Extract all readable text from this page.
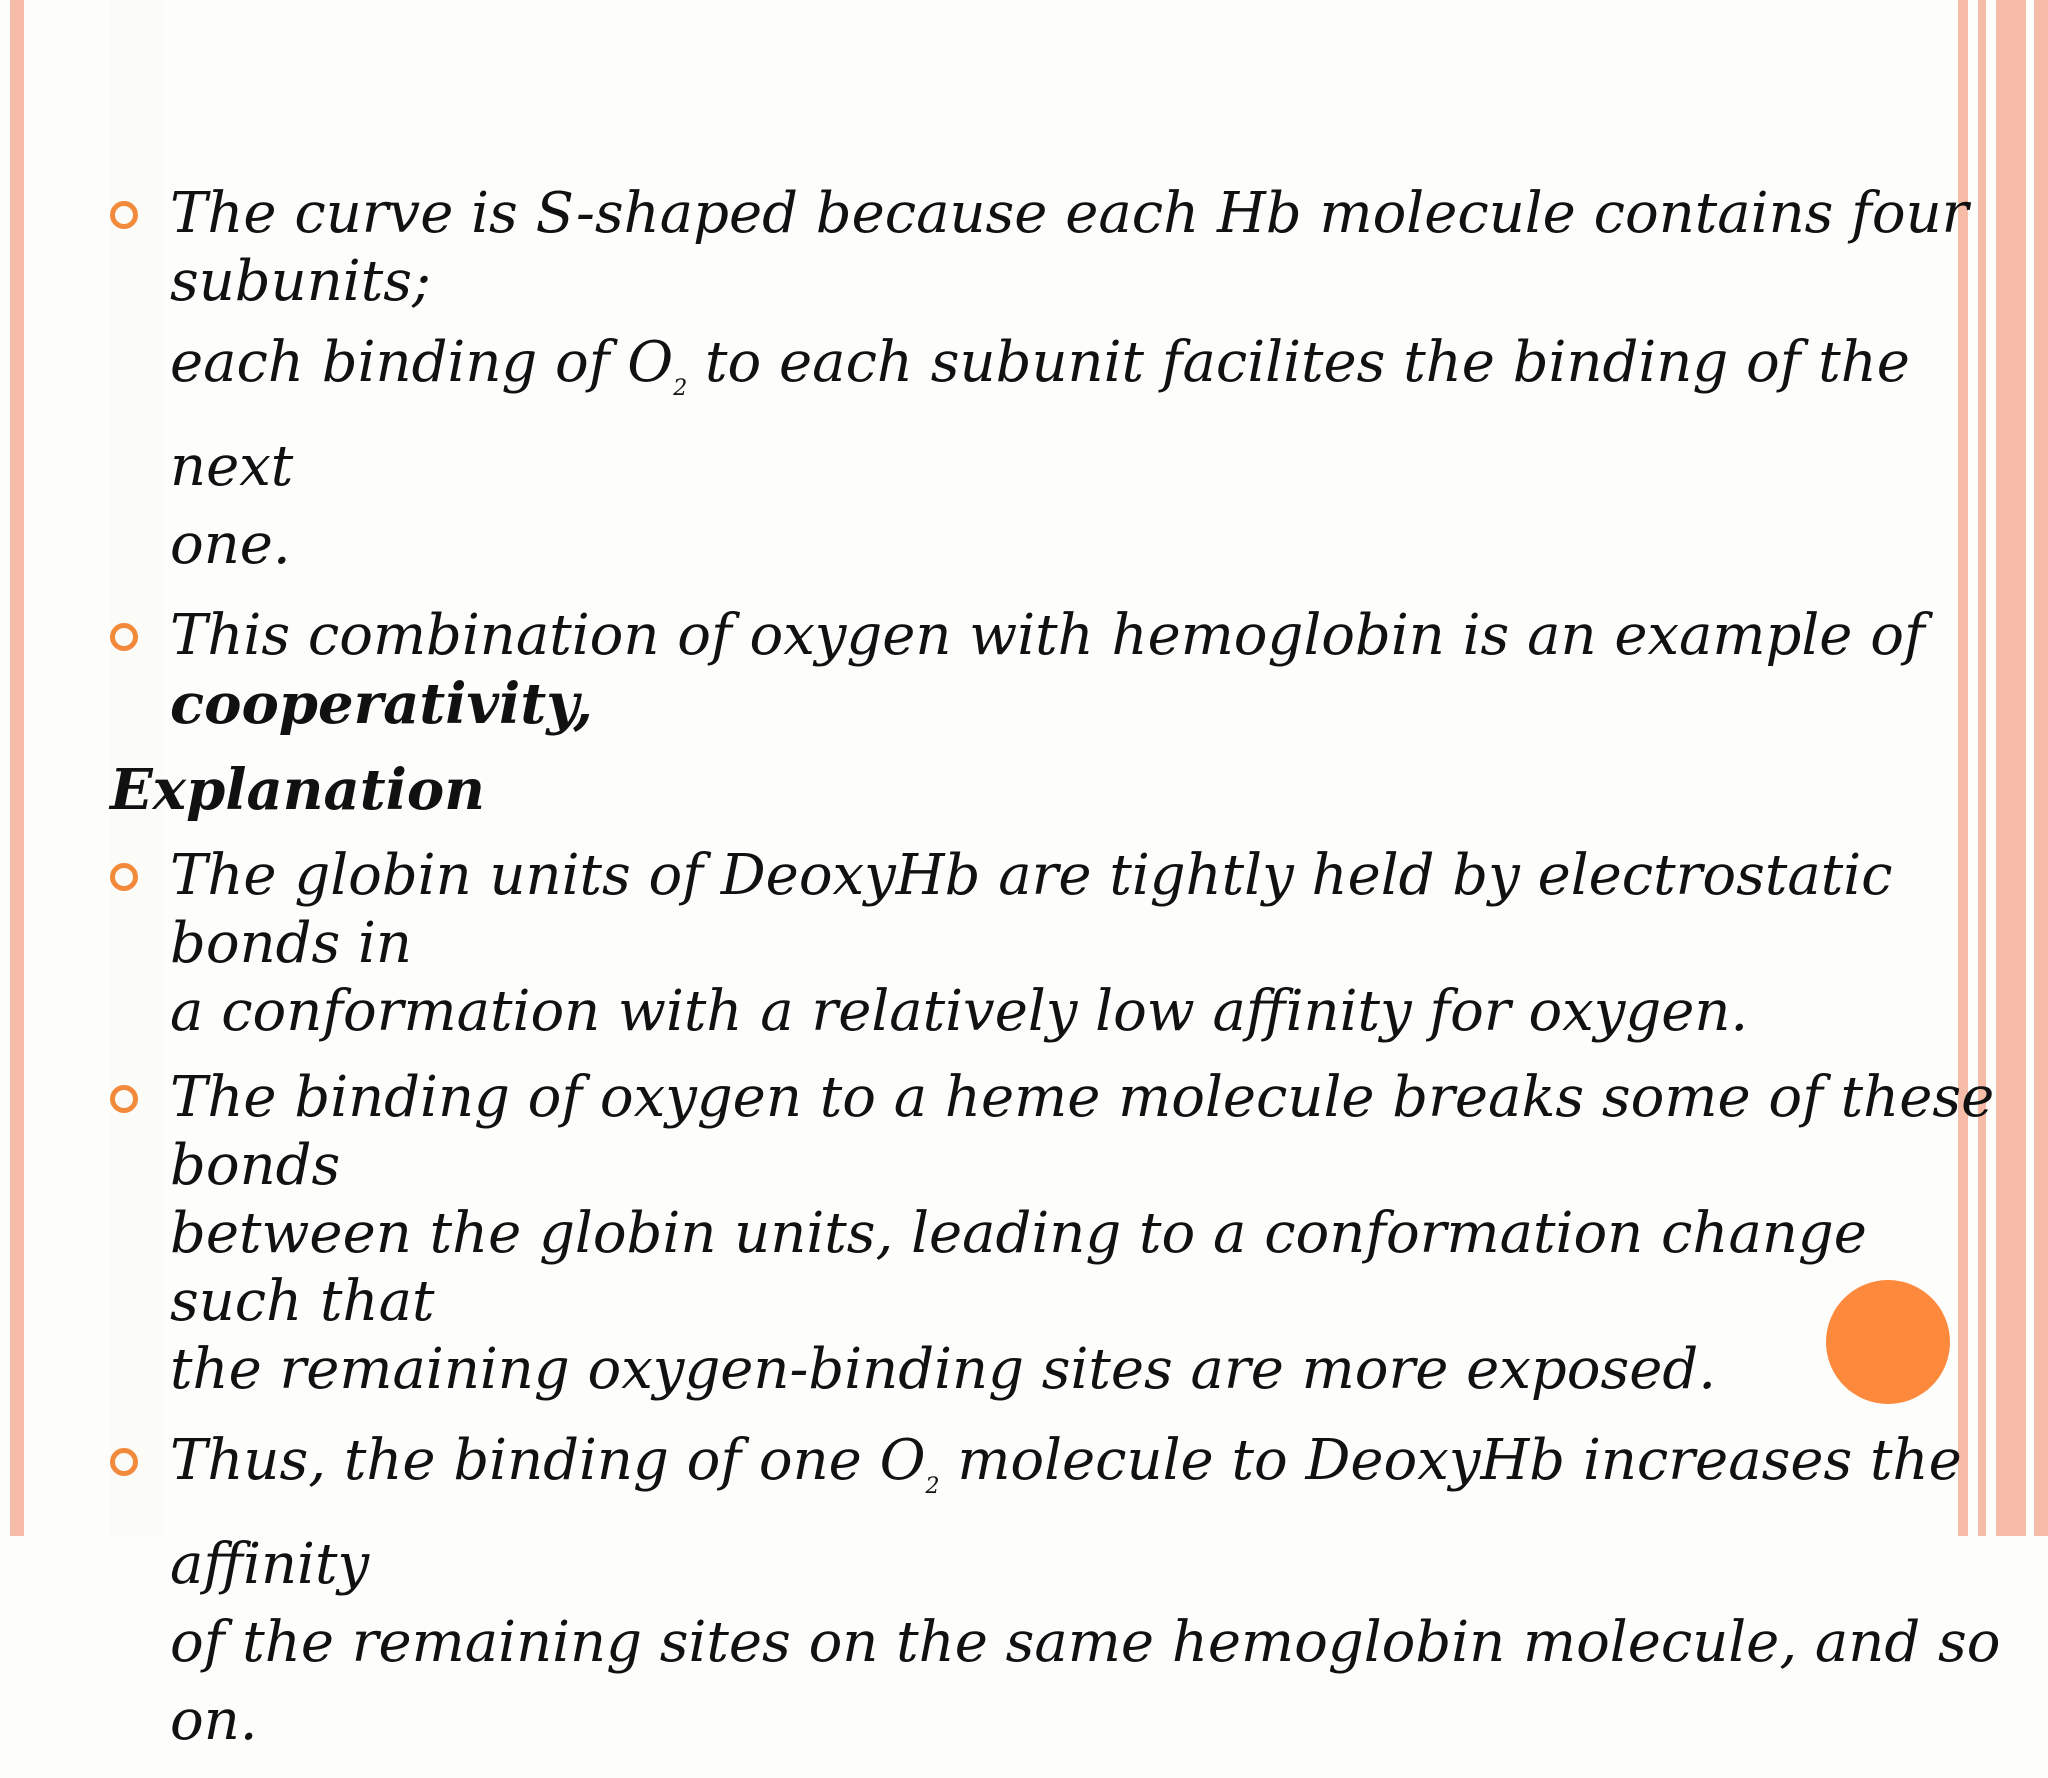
The curve is S-shaped because each Hb molecule contains four
subunits;
each binding of $O_2$ to each subunit facilites the binding of the next
one.
This combination of oxygen with hemoglobin is an example of
cooperativity,
Explanation
The globin units of DeoxyHb are tightly held by electrostatic bonds in
a conformation with a relatively low affinity for oxygen.
The binding of oxygen to a heme molecule breaks some of these bonds
between the globin units, leading to a conformation change such that
the remaining oxygen-binding sites are more exposed.
Thus, the binding of one $O_2$ molecule to DeoxyHb increases the affinity
of the remaining sites on the same hemoglobin molecule, and so on.
